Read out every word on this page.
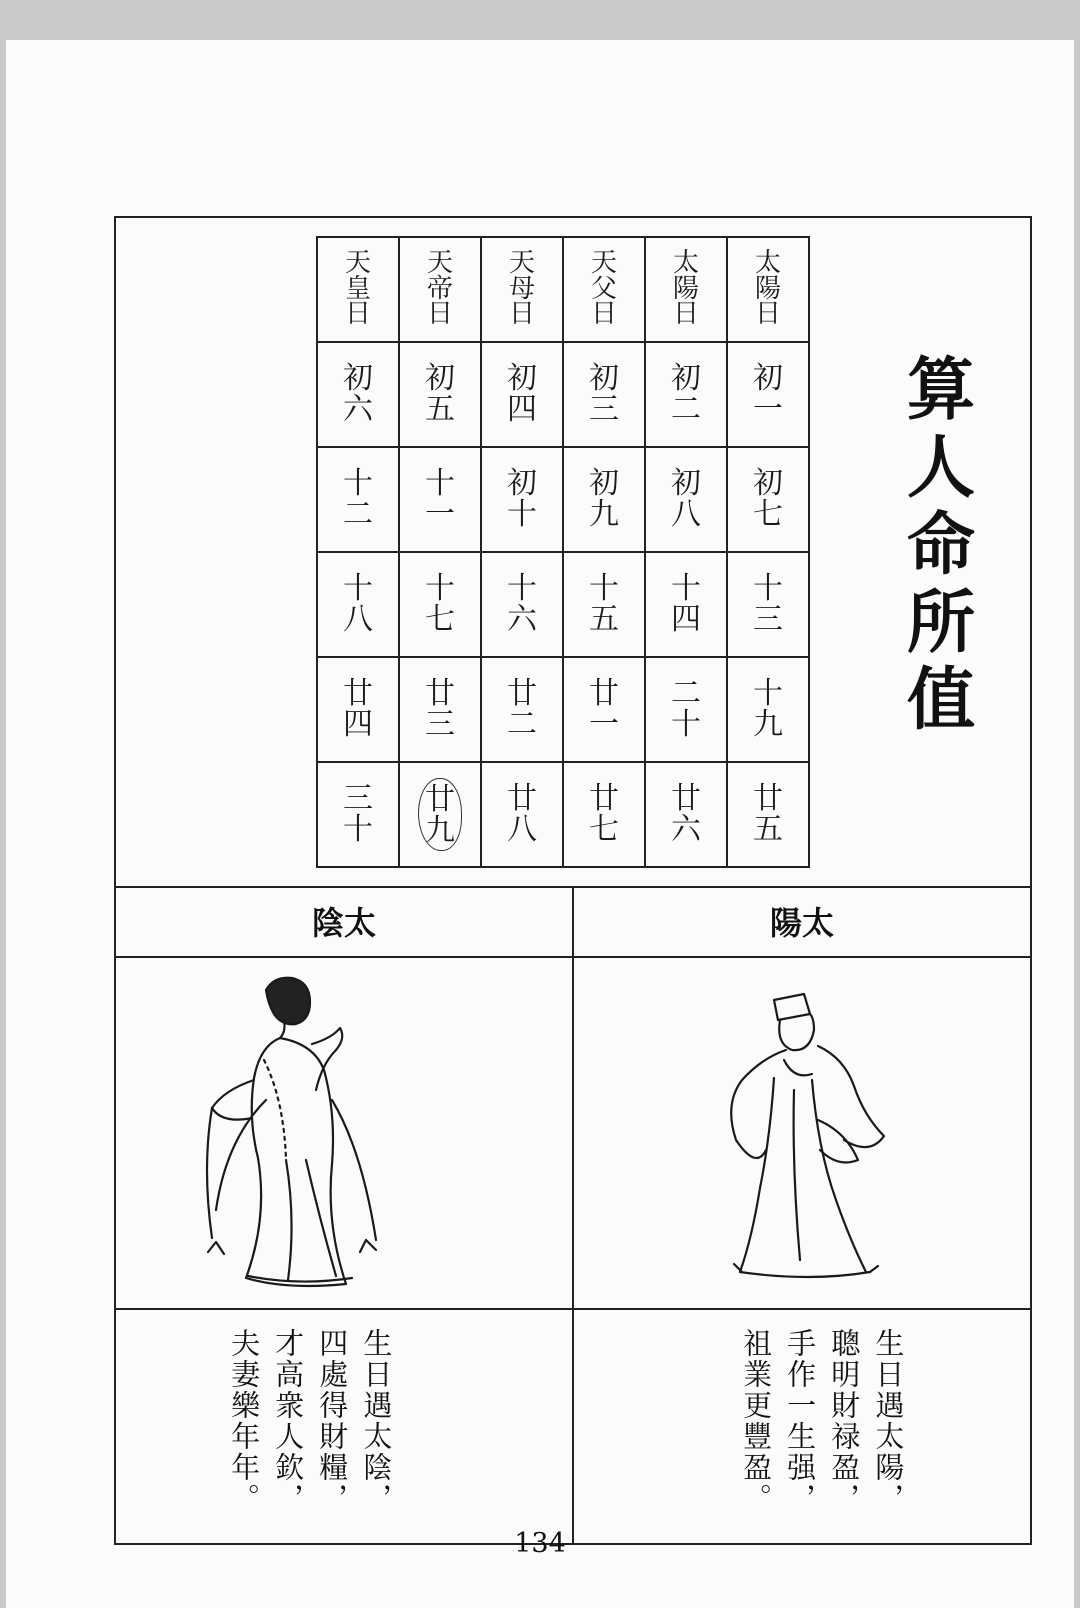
天皇日	天帝日	天母日	天父日	太陽日	太陽日
初六	初五	初四	初三	初二	初一
十二	十一	初十	初九	初八	初七
十八	十七	十六	十五	十四	十三
廿四	廿三	廿二	廿一	二十	十九
三十	廿九	廿八	廿七	廿六	廿五
算人命所值
陰太
生日遇太陰，
四處得財糧，
才高衆人欽，
夫妻樂年年。
陽太
生日遇太陽，
聰明財禄盈，
手作一生强，
祖業更豐盈。
134
